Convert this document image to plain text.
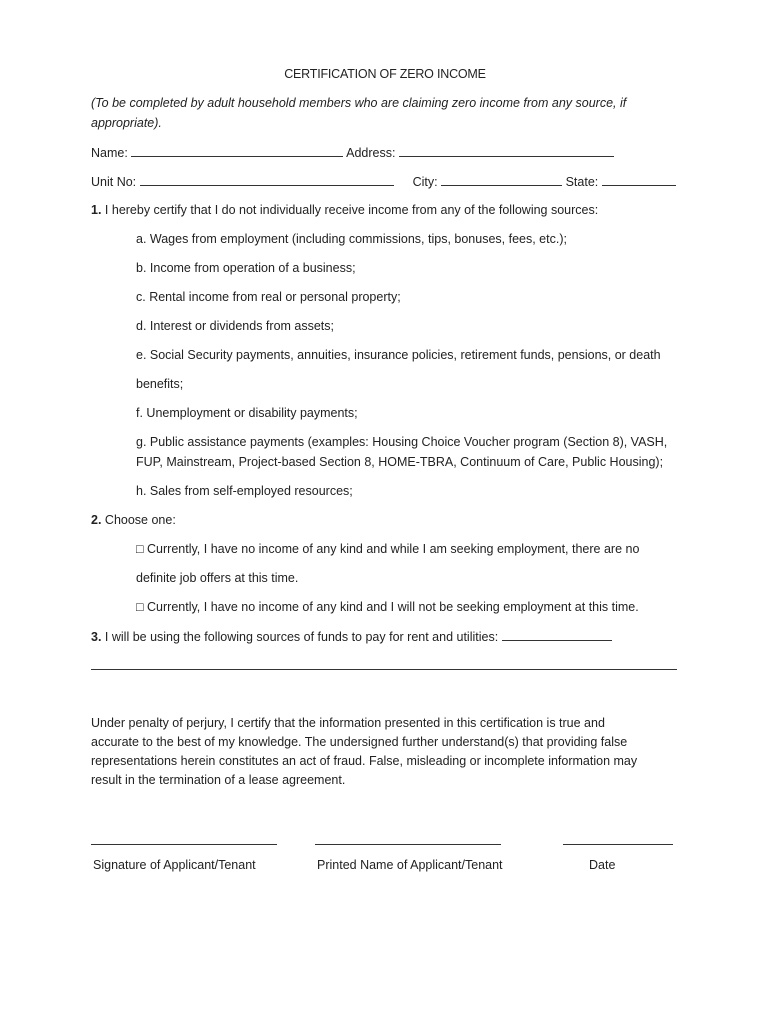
CERTIFICATION OF ZERO INCOME
(To be completed by adult household members who are claiming zero income from any source, if
appropriate).
Name:	Address:
Unit No:	City:	State:
1. I hereby certify that I do not individually receive income from any of the following sources:
a. Wages from employment (including commissions, tips, bonuses, fees, etc.);
b. Income from operation of a business;
c. Rental income from real or personal property;
d. Interest or dividends from assets;
e. Social Security payments, annuities, insurance policies, retirement funds, pensions, or death
benefits;
f. Unemployment or disability payments;
g. Public assistance payments (examples: Housing Choice Voucher program (Section 8), VASH,
FUP, Mainstream, Project-based Section 8, HOME-TBRA, Continuum of Care, Public Housing);
h. Sales from self-employed resources;
2. Choose one:
□ Currently, I have no income of any kind and while I am seeking employment, there are no
definite job offers at this time.
□ Currently, I have no income of any kind and I will not be seeking employment at this time.
3. I will be using the following sources of funds to pay for rent and utilities:
Under penalty of perjury, I certify that the information presented in this certification is true and
accurate to the best of my knowledge. The undersigned further understand(s) that providing false
representations herein constitutes an act of fraud. False, misleading or incomplete information may
result in the termination of a lease agreement.
Signature of Applicant/Tenant	Printed Name of Applicant/Tenant	Date
